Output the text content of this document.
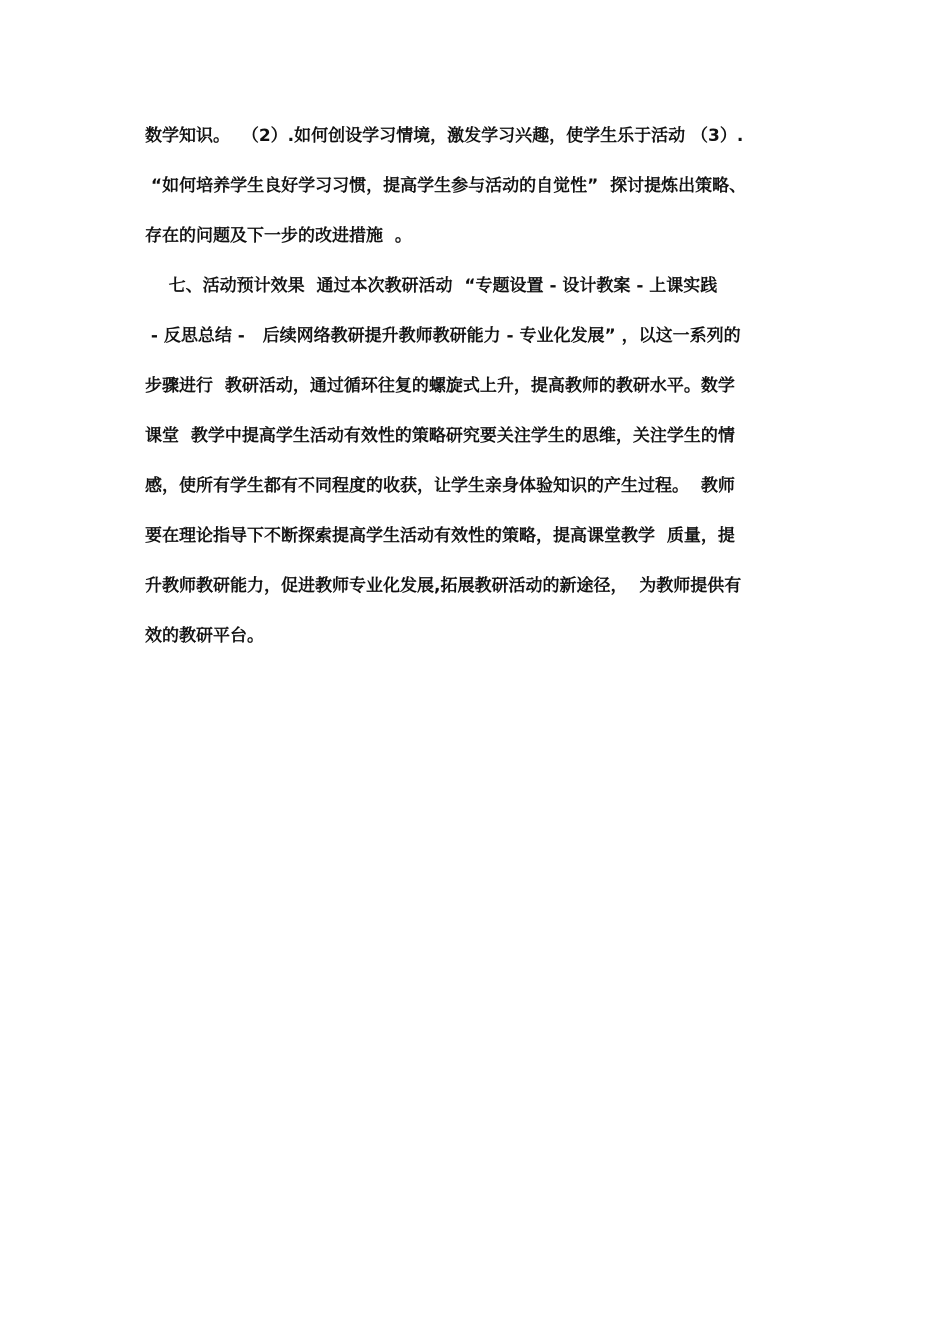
数学知识。  （2）.如何创设学习情境，激发学习兴趣，使学生乐于活动 （3）.
“如何培养学生良好学习习惯，提高学生参与活动的自觉性”  探讨提炼出策略、
存在的问题及下一步的改进措施  。
七、活动预计效果  通过本次教研活动  “专题设置 - 设计教案 - 上课实践
- 反思总结 -   后续网络教研提升教师教研能力 - 专业化发展” ，以这一系列的
步骤进行  教研活动，通过循环往复的螺旋式上升，提高教师的教研水平。数学
课堂  教学中提高学生活动有效性的策略研究要关注学生的思维，关注学生的情
感，使所有学生都有不同程度的收获，让学生亲身体验知识的产生过程。  教师
要在理论指导下不断探索提高学生活动有效性的策略，提高课堂教学  质量，提
升教师教研能力，促进教师专业化发展,拓展教研活动的新途径，  为教师提供有
效的教研平台。
